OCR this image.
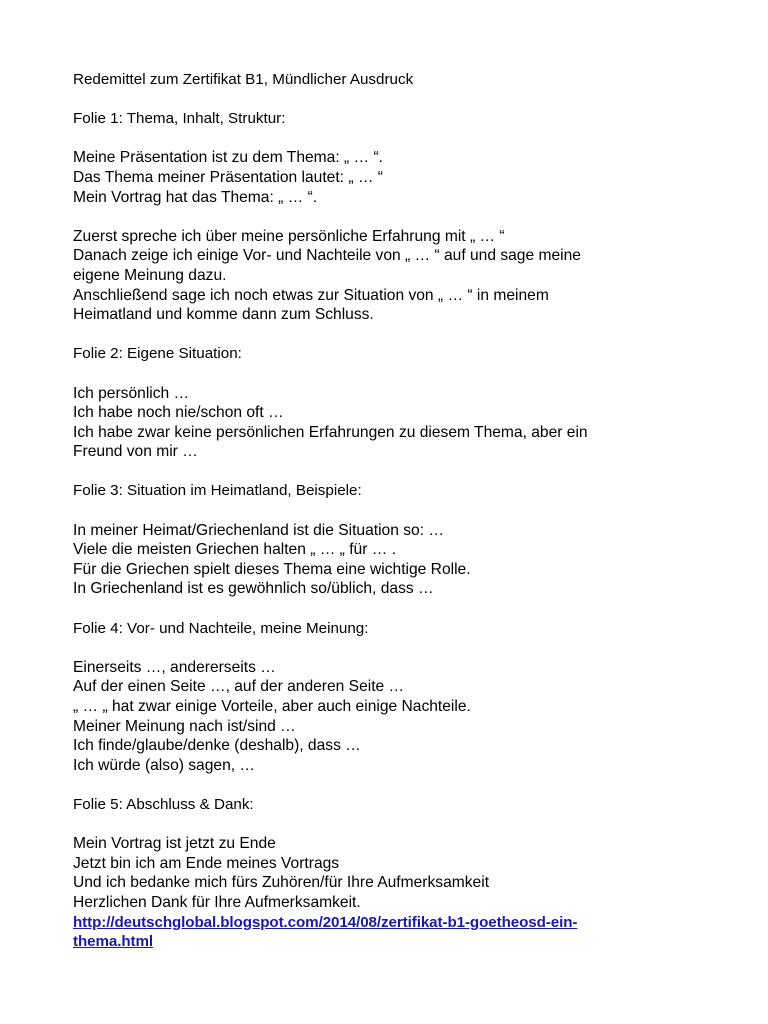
Redemittel zum Zertifikat B1, Mündlicher Ausdruck
Folie 1: Thema, Inhalt, Struktur:
Meine Präsentation ist zu dem Thema: „ … “.
Das Thema meiner Präsentation lautet: „ … “
Mein Vortrag hat das Thema: „ … “.
Zuerst spreche ich über meine persönliche Erfahrung mit „ … “
Danach zeige ich einige Vor- und Nachteile von „ … “ auf und sage meine
eigene Meinung dazu.
Anschließend sage ich noch etwas zur Situation von „ … “ in meinem
Heimatland und komme dann zum Schluss.
Folie 2: Eigene Situation:
Ich persönlich …
Ich habe noch nie/schon oft …
Ich habe zwar keine persönlichen Erfahrungen zu diesem Thema, aber ein
Freund von mir …
Folie 3: Situation im Heimatland, Beispiele:
In meiner Heimat/Griechenland ist die Situation so: …
Viele die meisten Griechen halten „ … „ für … .
Für die Griechen spielt dieses Thema eine wichtige Rolle.
In Griechenland ist es gewöhnlich so/üblich, dass …
Folie 4: Vor- und Nachteile, meine Meinung:
Einerseits …, andererseits …
Auf der einen Seite …, auf der anderen Seite …
„ … „ hat zwar einige Vorteile, aber auch einige Nachteile.
Meiner Meinung nach ist/sind …
Ich finde/glaube/denke (deshalb), dass …
Ich würde (also) sagen, …
Folie 5: Abschluss & Dank:
Mein Vortrag ist jetzt zu Ende
Jetzt bin ich am Ende meines Vortrags
Und ich bedanke mich fürs Zuhören/für Ihre Aufmerksamkeit
Herzlichen Dank für Ihre Aufmerksamkeit.
http://deutschglobal.blogspot.com/2014/08/zertifikat-b1-goetheosd-ein-
thema.html
